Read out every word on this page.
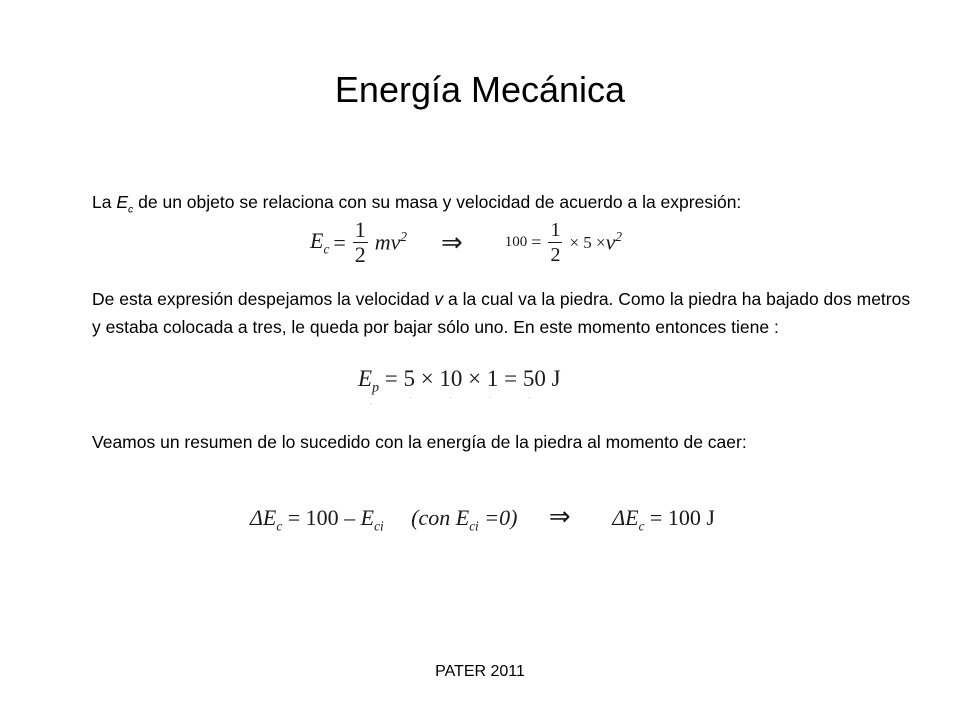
Energía Mecánica
La $E_c$ de un objeto se relaciona con su masa y velocidad de acuerdo a la expresión:
$E_c = \frac{1}{2} mv^2$ ⇒	$100 = \frac{1}{2} \times 5 \times v^2$
De esta expresión despejamos la velocidad v a la cual va la piedra. Como la piedra ha bajado dos metros y estaba colocada a tres, le queda por bajar sólo uno. En este momento entonces tiene :
$E_p = 5 \times 10 \times 1 = 50$ J
· · · · · ·
Veamos un resumen de lo sucedido con la energía de la piedra al momento de caer:
$\Delta E_c = 100 - E_{ci}$ (con $E_{ci} =0$) ⇒ $\Delta E_c = 100$ J
PATER 2011
